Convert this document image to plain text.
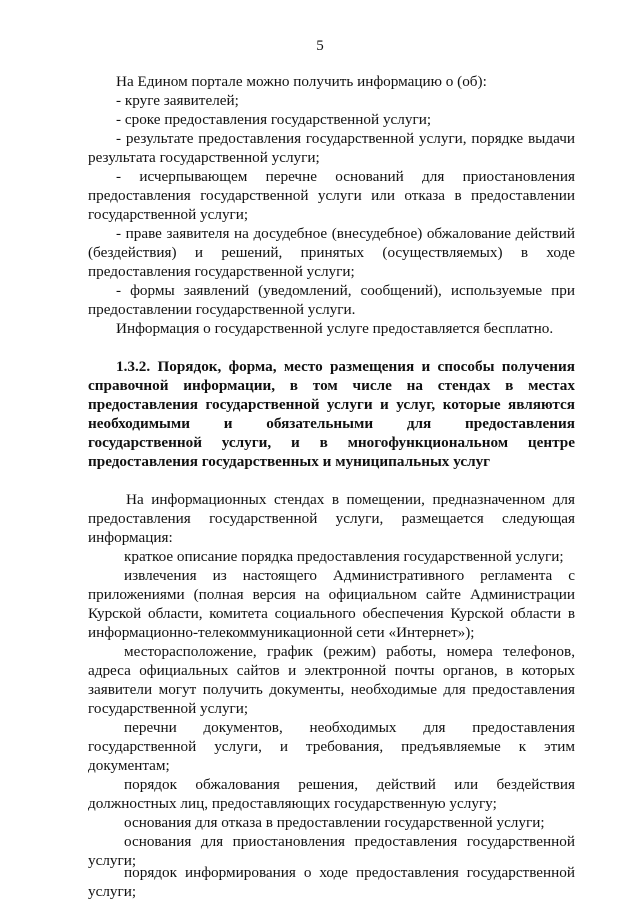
5
На Едином портале можно получить информацию о (об):
- круге заявителей;
- сроке предоставления государственной услуги;
- результате предоставления государственной услуги, порядке выдачи
результата государственной услуги;
- исчерпывающем перечне оснований для приостановления
предоставления государственной услуги или отказа в предоставлении
государственной услуги;
- праве заявителя на досудебное (внесудебное) обжалование действий
(бездействия) и решений, принятых (осуществляемых) в ходе
предоставления государственной услуги;
- формы заявлений (уведомлений, сообщений), используемые при
предоставлении государственной услуги.
Информация о государственной услуге предоставляется бесплатно.
1.3.2. Порядок, форма, место размещения и способы получения
справочной информации, в том числе на стендах в местах
предоставления государственной услуги и услуг, которые являются
необходимыми и обязательными для предоставления
государственной услуги, и в многофункциональном центре
предоставления государственных и муниципальных услуг
На информационных стендах в помещении, предназначенном для
предоставления государственной услуги, размещается следующая
информация:
краткое описание порядка предоставления государственной услуги;
извлечения из настоящего Административного регламента с
приложениями (полная версия на официальном сайте Администрации
Курской области, комитета социального обеспечения Курской области в
информационно-телекоммуникационной сети «Интернет»);
месторасположение, график (режим) работы, номера телефонов,
адреса официальных сайтов и электронной почты органов, в которых
заявители могут получить документы, необходимые для предоставления
государственной услуги;
перечни документов, необходимых для предоставления
государственной услуги, и требования, предъявляемые к этим
документам;
порядок обжалования решения, действий или бездействия
должностных лиц, предоставляющих государственную услугу;
основания для отказа в предоставлении государственной услуги;
основания для приостановления предоставления государственной
услуги;
порядок информирования о ходе предоставления государственной
услуги;
